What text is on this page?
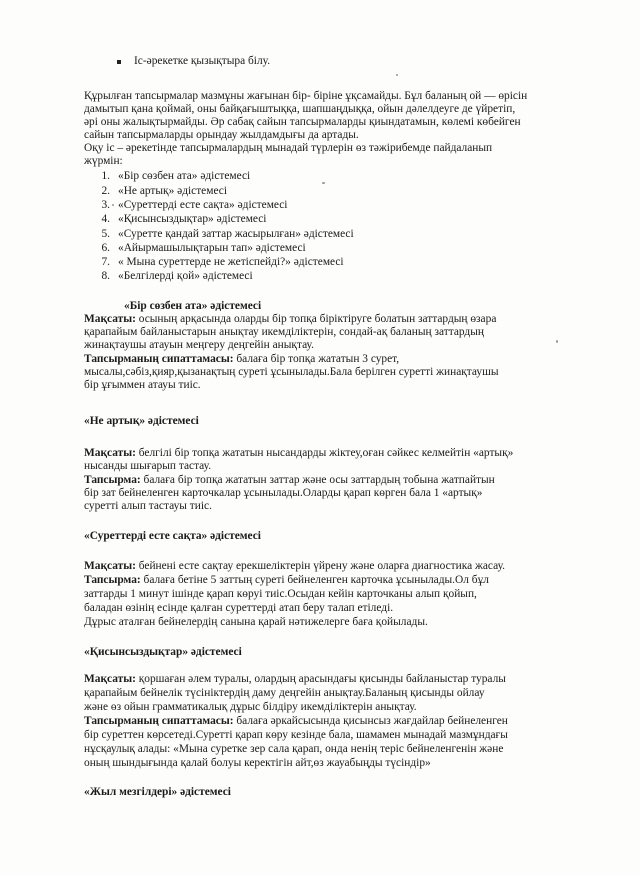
Іс-әрекетке қызықтыра білу.
Құрылған тапсырмалар мазмұны жағынан бір- біріне ұқсамайды. Бұл баланың ой — өрісін
дамытып қана қоймай, оны байқағыштыққа, шапшаңдыққа, ойын дәлелдеуге де үйретіп,
әрі оны жалықтырмайды. Әр сабақ сайын тапсырмаларды қиындатамын, көлемі көбейген
сайын тапсырмаларды орындау жылдамдығы да артады.
Оқу іс – әрекетінде тапсырмалардың мынадай түрлерін өз тәжірибемде пайдаланып
жүрмін:
1. «Бір сөзбен ата» әдістемесі
2. «Не артық» әдістемесі
3. «Суреттерді есте сақта» әдістемесі
4. «Қисынсыздықтар» әдістемесі
5. «Суретте қандай заттар жасырылған» әдістемесі
6. «Айырмашылықтарын тап» әдістемесі
7. « Мына суреттерде не жетіспейді?» әдістемесі
8. «Белгілерді қой» әдістемесі
«Бір сөзбен ата» әдістемесі
Мақсаты: осының арқасында оларды бір топқа біріктіруге болатын заттардың өзара
қарапайым байланыстарын анықтау икемділіктерін, сондай-ақ баланың заттардың
жинақтаушы атауын меңгеру деңгейін анықтау.
Тапсырманың сипаттамасы: балаға бір топқа жататын 3 сурет,
мысалы,сәбіз,қияр,қызанақтың суреті ұсынылады.Бала берілген суретті жинақтаушы
бір ұғыммен атауы тиіс.
«Не артық» әдістемесі
Мақсаты: белгілі бір топқа жататын нысандарды жіктеу,оған сәйкес келмейтін «артық»
нысанды шығарып тастау.
Тапсырма: балаға бір топқа жататын заттар және осы заттардың тобына жатпайтын
бір зат бейнеленген карточкалар ұсынылады.Оларды қарап көрген бала 1 «артық»
суретті алып тастауы тиіс.
«Суреттерді есте сақта» әдістемесі
Мақсаты: бейнені есте сақтау ерекшеліктерін үйрену және оларға диагностика жасау.
Тапсырма: балаға бетіне 5 заттың суреті бейнеленген карточка ұсынылады.Ол бұл
заттарды 1 минут ішінде қарап көруі тиіс.Осыдан кейін карточканы алып қойып,
баладан өзінің есінде қалған суреттерді атап беру талап етіледі.
Дұрыс аталған бейнелердің санына қарай нәтижелерге баға қойылады.
«Қисынсыздықтар» әдістемесі
Мақсаты: қоршаған әлем туралы, олардың арасындағы қисынды байланыстар туралы
қарапайым бейнелік түсініктердің даму деңгейін анықтау.Баланың қисынды ойлау
және өз ойын грамматикалық дұрыс білдіру икемділіктерін анықтау.
Тапсырманың сипаттамасы: балаға әркайсысында қисынсыз жағдайлар бейнеленген
бір суреттен көрсетеді.Суретті қарап көру кезінде бала, шамамен мынадай мазмұндағы
нұсқаулық алады: «Мына суретке зер сала қарап, онда ненің теріс бейнеленгенін және
оның шындығында қалай болуы керектігін айт,өз жауабыңды түсіндір»
«Жыл мезгілдері» әдістемесі
